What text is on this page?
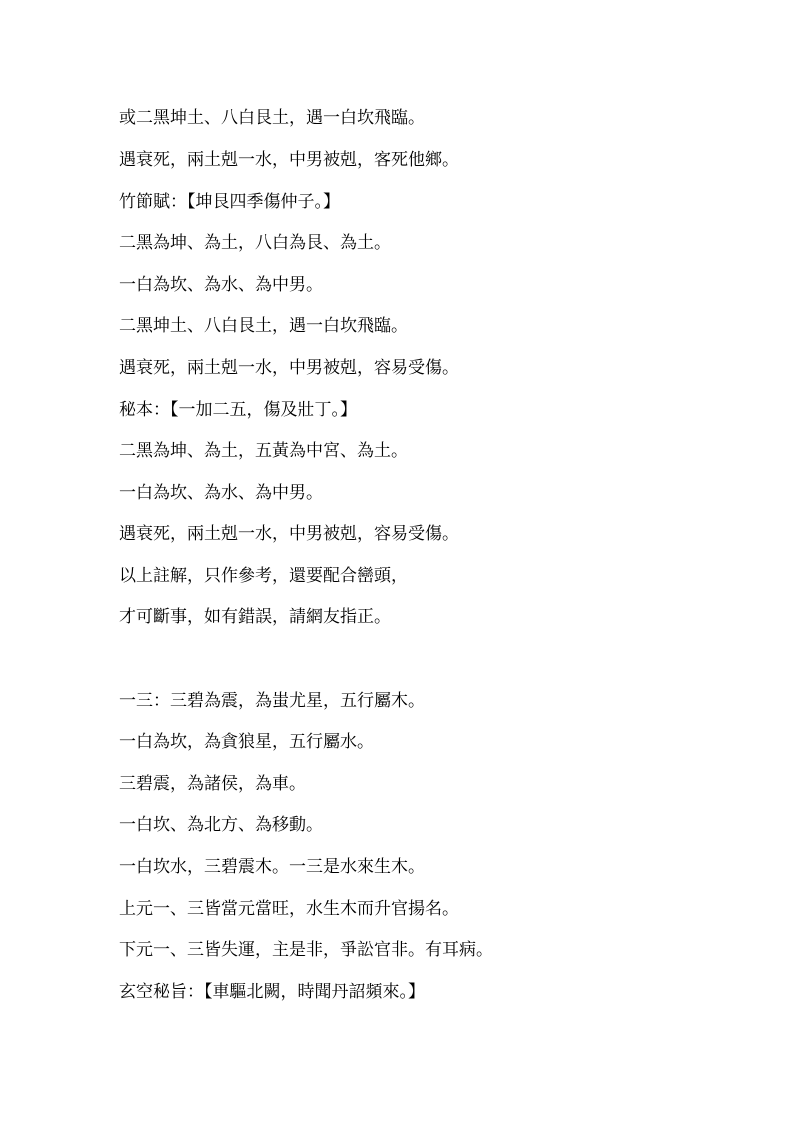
或二黑坤土、八白艮土，遇一白坎飛臨。

遇衰死，兩土剋一水，中男被剋，客死他鄉。

竹節賦：【坤艮四季傷仲子。】

二黑為坤、為土，八白為艮、為土。

一白為坎、為水、為中男。

二黑坤土、八白艮土，遇一白坎飛臨。

遇衰死，兩土剋一水，中男被剋，容易受傷。

秘本：【一加二五，傷及壯丁。】

二黑為坤、為土，五黃為中宮、為土。

一白為坎、為水、為中男。

遇衰死，兩土剋一水，中男被剋，容易受傷。

以上註解，只作參考，還要配合巒頭，

才可斷事，如有錯誤，請網友指正。

一三：三碧為震，為蚩尤星，五行屬木。

一白為坎，為貪狼星，五行屬水。

三碧震，為諸侯，為車。

一白坎、為北方、為移動。

一白坎水，三碧震木。一三是水來生木。

上元一、三皆當元當旺，水生木而升官揚名。

下元一、三皆失運，主是非，爭訟官非。有耳病。

玄空秘旨：【車驅北闕，時聞丹詔頻來。】
